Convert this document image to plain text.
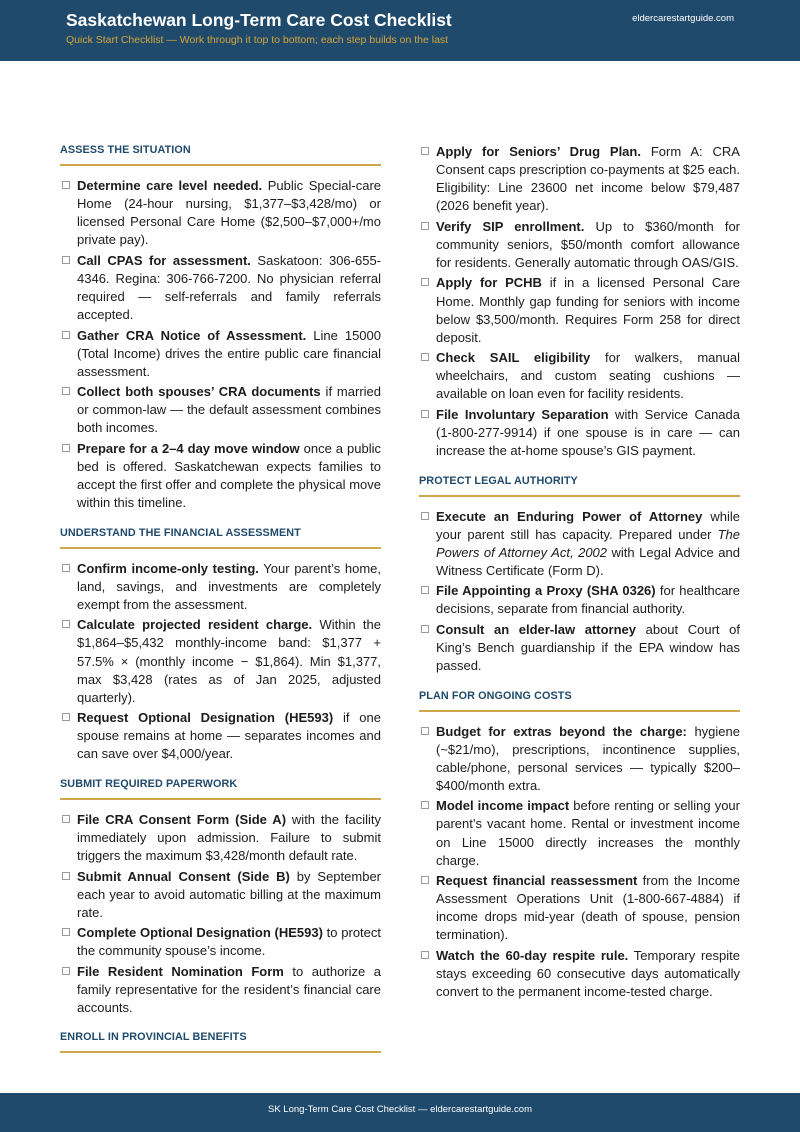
Saskatchewan Long-Term Care Cost Checklist
Quick Start Checklist — Work through it top to bottom; each step builds on the last
eldercarestartguide.com
ASSESS THE SITUATION
Determine care level needed. Public Special-care Home (24-hour nursing, $1,377–$3,428/mo) or licensed Personal Care Home ($2,500–$7,000+/mo private pay).
Call CPAS for assessment. Saskatoon: 306-655-4346. Regina: 306-766-7200. No physician referral required — self-referrals and family referrals accepted.
Gather CRA Notice of Assessment. Line 15000 (Total Income) drives the entire public care financial assessment.
Collect both spouses’ CRA documents if married or common-law — the default assessment combines both incomes.
Prepare for a 2–4 day move window once a public bed is offered. Saskatchewan expects families to accept the first offer and complete the physical move within this timeline.
UNDERSTAND THE FINANCIAL ASSESSMENT
Confirm income-only testing. Your parent’s home, land, savings, and investments are completely exempt from the assessment.
Calculate projected resident charge. Within the $1,864–$5,432 monthly-income band: $1,377 + 57.5% × (monthly income − $1,864). Min $1,377, max $3,428 (rates as of Jan 2025, adjusted quarterly).
Request Optional Designation (HE593) if one spouse remains at home — separates incomes and can save over $4,000/year.
SUBMIT REQUIRED PAPERWORK
File CRA Consent Form (Side A) with the facility immediately upon admission. Failure to submit triggers the maximum $3,428/month default rate.
Submit Annual Consent (Side B) by September each year to avoid automatic billing at the maximum rate.
Complete Optional Designation (HE593) to protect the community spouse’s income.
File Resident Nomination Form to authorize a family representative for the resident’s financial care accounts.
ENROLL IN PROVINCIAL BENEFITS
Apply for Seniors’ Drug Plan. Form A: CRA Consent caps prescription co-payments at $25 each. Eligibility: Line 23600 net income below $79,487 (2026 benefit year).
Verify SIP enrollment. Up to $360/month for community seniors, $50/month comfort allowance for residents. Generally automatic through OAS/GIS.
Apply for PCHB if in a licensed Personal Care Home. Monthly gap funding for seniors with income below $3,500/month. Requires Form 258 for direct deposit.
Check SAIL eligibility for walkers, manual wheelchairs, and custom seating cushions — available on loan even for facility residents.
File Involuntary Separation with Service Canada (1-800-277-9914) if one spouse is in care — can increase the at-home spouse’s GIS payment.
PROTECT LEGAL AUTHORITY
Execute an Enduring Power of Attorney while your parent still has capacity. Prepared under The Powers of Attorney Act, 2002 with Legal Advice and Witness Certificate (Form D).
File Appointing a Proxy (SHA 0326) for healthcare decisions, separate from financial authority.
Consult an elder-law attorney about Court of King’s Bench guardianship if the EPA window has passed.
PLAN FOR ONGOING COSTS
Budget for extras beyond the charge: hygiene (~$21/mo), prescriptions, incontinence supplies, cable/phone, personal services — typically $200–$400/month extra.
Model income impact before renting or selling your parent’s vacant home. Rental or investment income on Line 15000 directly increases the monthly charge.
Request financial reassessment from the Income Assessment Operations Unit (1-800-667-4884) if income drops mid-year (death of spouse, pension termination).
Watch the 60-day respite rule. Temporary respite stays exceeding 60 consecutive days automatically convert to the permanent income-tested charge.
SK Long-Term Care Cost Checklist — eldercarestartguide.com
